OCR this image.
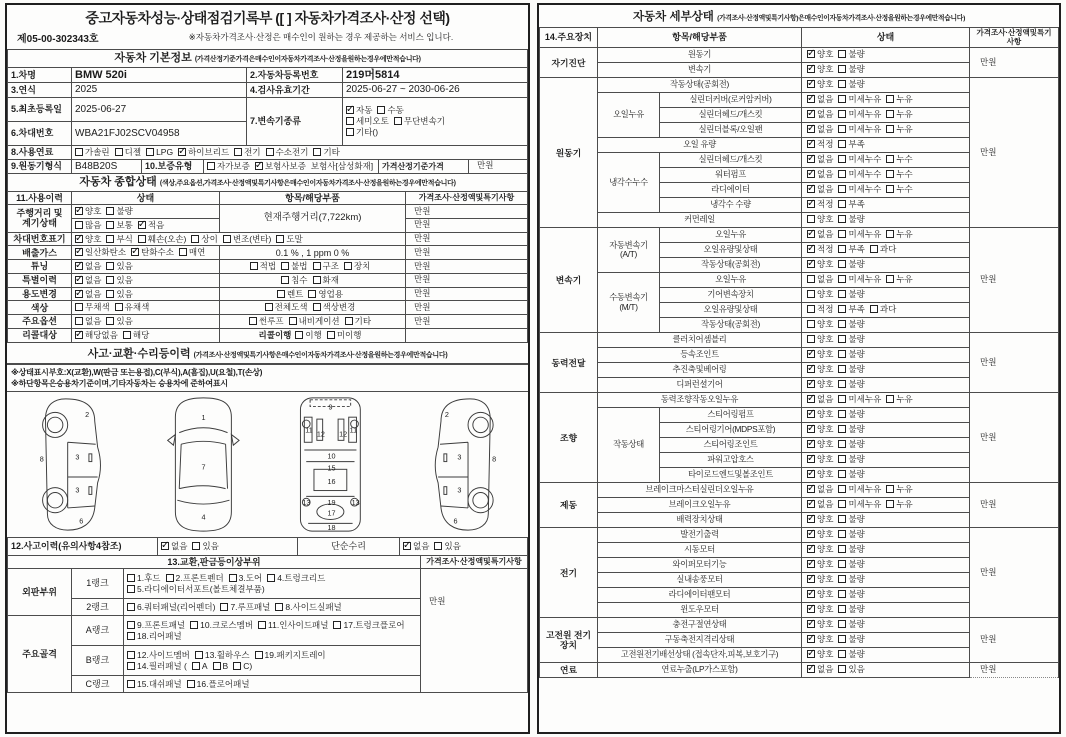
중고자동차성능·상태점검기록부 ([ ] 자동차가격조사·산정 선택)
제05-00-302343호	※자동차가격조사·산정은 매수인이 원하는 경우 제공하는 서비스 입니다.
자동차 기본정보 (가격산정기준가격은매수인이자동차가격조사·산정을원하는경우에만적습니다)			
1.차명	BMW 520i	2.자동차등록번호	219머5814
3.연식	2025	4.검사유효기간	2025-06-27 ~ 2030-06-26
5.최초등록일	2025-06-27	7.변속기종류	
✓자동 수동
세미오토 무단변속기
기타()

6.차대번호	WBA21FJ02SCV04958		
8.사용연료	가솔린 디젤 LPG ✓ 하이브리드 전기 수소전기 기타
9.원동기형식	B48B20S	10.보증유형	자가보증 ✓ 보험사보증 보험사[삼성화재]	가격산정기준가격	만원
자동차 종합상태 (색상,주요옵션,가격조사·산정액및특기사항은매수인이자동차가격조사·산정을원하는경우에만적습니다)			
11.사용이력	상태	항목/해당부품	가격조사·산정액및특기사항
주행거리 및 계기상태	✓양호 불량	현재주행거리(7,722km)	만원
	많음 보통 ✓ 적음		만원
차대번호표기	✓양호 부식 훼손(오손) 상이 변조(변타) 도말		만원
배출가스	✓일산화탄소 ✓ 탄화수소 매연	0.1 % , 1 ppm 0 %	만원
튜닝	✓없음 있음	적법 불법 구조 장치	만원
특별이력	✓없음 있음	침수 화재	만원
용도변경	✓없음 있음	렌트 영업용	만원
색상	무채색 유채색	전체도색 색상변경	만원
주요옵션	없음 있음	썬루프 내비게이션 기타	만원
리콜대상	✓해당없음 해당	리콜이행 이행 미이행	
사고·교환·수리등이력 (가격조사·산정액및특기사항은매수인이자동차가격조사·산정을원하는경우에만적습니다)
※상태표시부호:X(교환),W(판금 또는용접),C(부식),A(흠집),U(요철),T(손상)
※하단항목은승용차기준이며,기타자동차는 승용차에 준하여표시
2
8	3
3
6
1
7
4
9
11	11
12 12
10
15
16
19
13	13
17
18
2
8
3
3
6
12.사고이력(유의사항4참조)	✓없음 있음	단순수리	✓없음 있음
13.교환,판금등이상부위			가격조사·산정액및특기사항
외판부위	1랭크	1.후드 2.프론트펜더 3.도어 4.트렁크리드5.라디에이터서포트(볼트체결부품)	만원
	2랭크	6.쿼터패널(리어펜더) 7.루프패널 8.사이드실패널	
주요골격	A랭크	9.프론트패널 10.크로스멤버 11.인사이드패널 17.트렁크플로어18.리어패널	
	B랭크	12.사이드멤버 13.휠하우스 19.패키지트레이
14.필러패널 ( A B C)	

	C랭크	15.대쉬패널 16.플로어패널	
자동차 세부상태 (가격조사·산정액및특기사항)은매수인이자동차가격조사·산정을원하는경우에만적습니다)
14.주요장치	항목/해당부품		상태	가격조사·산정액및특기사항
자기진단	원동기	✓양호 불량	만원
	변속기	✓양호 불량
원동기	작동상태(공회전)	✓양호 불량	만원
	오일누유	실린더커버(로커암커버)	✓없음 미세누유 누유
		실린더헤드/개스킷	✓없음 미세누유 누유
		실린더블록/오일팬	✓없음 미세누유 누유
	오일 유량	✓적정 부족
	냉각수누수	실린더헤드/개스킷	✓없음 미세누수 누수
		워터펌프	✓없음 미세누수 누수
		라디에이터	✓없음 미세누수 누수
		냉각수 수량	✓적정 부족
	커먼레일		양호 불량	
변속기	자동변속기(A/T)	오일누유	✓없음 미세누유 누유	만원
		오일유량및상태	✓적정 부족 과다
		작동상태(공회전)	✓양호 불량
	수동변속기(M/T)	오일누유	없음 미세누유 누유	
		기어변속장치	양호 불량	
		오일유량및상태	적정 부족 과다	
		작동상태(공회전)	양호 불량	
동력전달	클러치어셈블리		양호 불량	만원
	등속조인트	✓양호 불량
	추진축및베어링	✓양호 불량
	디퍼런셜기어	✓양호 불량
조향	동력조향작동오일누유	✓없음 미세누유 누유	만원
	작동상태	스티어링펌프	✓양호 불량
		스티어링기어(MDPS포함)	✓양호 불량
		스티어링조인트	✓양호 불량
		파워고압호스	✓양호 불량
		타이로드엔드및볼조인트	✓양호 불량
제동	브레이크마스터실린더오일누유	✓없음 미세누유 누유	만원
	브레이크오일누유	✓없음 미세누유 누유
	배력장치상태	✓양호 불량
전기	발전기출력	✓양호 불량	만원
	시동모터	✓양호 불량
	와이퍼모터기능	✓양호 불량
	실내송풍모터	✓양호 불량
	라디에이터팬모터	✓양호 불량
	윈도우모터	✓양호 불량
고전원 전기장치	충전구절연상태	✓양호 불량	만원
	구동축전지격리상태	✓양호 불량
	고전원전기배선상태 (접속단자,피복,보호기구)	✓양호 불량
연료	연료누출(LP가스포함)	✓없음 있음	만원
